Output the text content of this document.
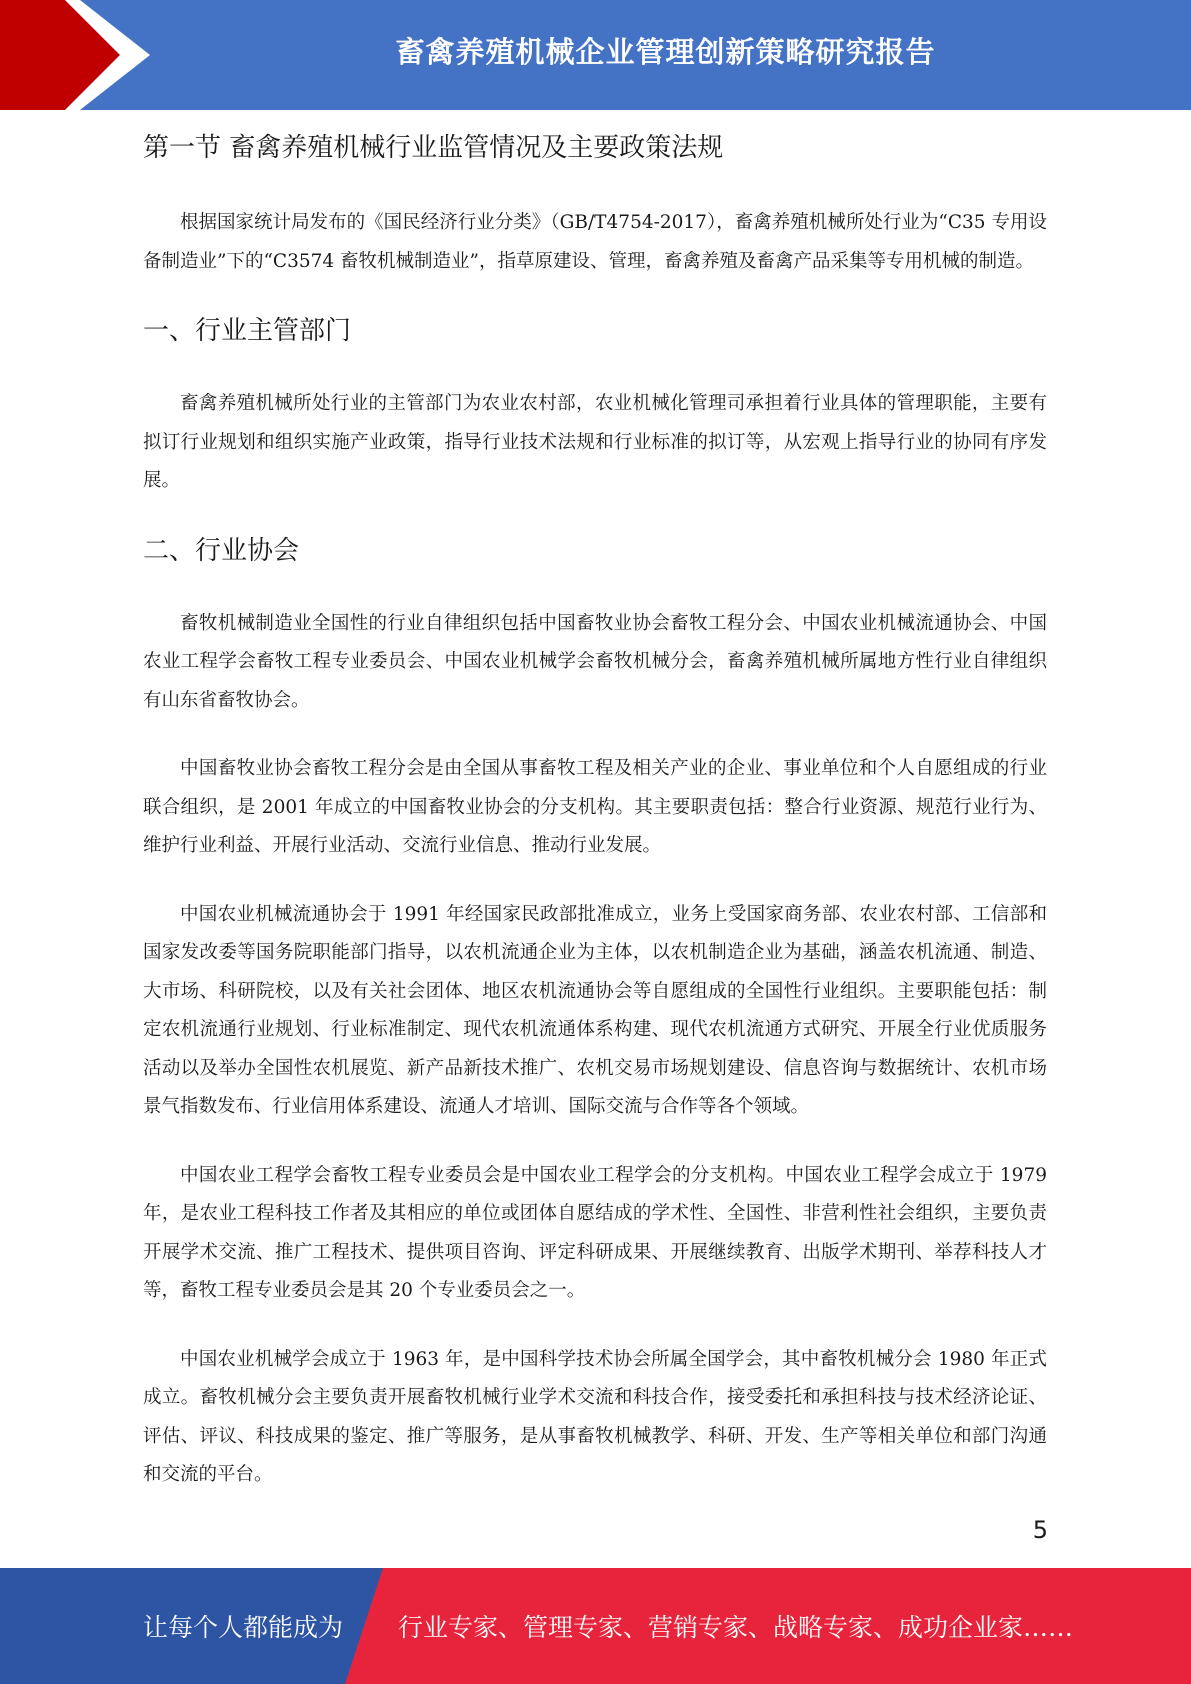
畜禽养殖机械企业管理创新策略研究报告
第一节 畜禽养殖机械行业监管情况及主要政策法规

根据国家统计局发布的《国民经济行业分类》（GB/T4754-2017），畜禽养殖机械所处行业为“C35 专用设备制造业”下的“C3574 畜牧机械制造业”，指草原建设、管理，畜禽养殖及畜禽产品采集等专用机械的制造。

一、行业主管部门

畜禽养殖机械所处行业的主管部门为农业农村部，农业机械化管理司承担着行业具体的管理职能，主要有拟订行业规划和组织实施产业政策，指导行业技术法规和行业标准的拟订等，从宏观上指导行业的协同有序发展。

二、行业协会

畜牧机械制造业全国性的行业自律组织包括中国畜牧业协会畜牧工程分会、中国农业机械流通协会、中国农业工程学会畜牧工程专业委员会、中国农业机械学会畜牧机械分会，畜禽养殖机械所属地方性行业自律组织有山东省畜牧协会。

中国畜牧业协会畜牧工程分会是由全国从事畜牧工程及相关产业的企业、事业单位和个人自愿组成的行业联合组织，是 2001 年成立的中国畜牧业协会的分支机构。其主要职责包括：整合行业资源、规范行业行为、维护行业利益、开展行业活动、交流行业信息、推动行业发展。

中国农业机械流通协会于 1991 年经国家民政部批准成立，业务上受国家商务部、农业农村部、工信部和国家发改委等国务院职能部门指导，以农机流通企业为主体，以农机制造企业为基础，涵盖农机流通、制造、大市场、科研院校，以及有关社会团体、地区农机流通协会等自愿组成的全国性行业组织。主要职能包括：制定农机流通行业规划、行业标准制定、现代农机流通体系构建、现代农机流通方式研究、开展全行业优质服务活动以及举办全国性农机展览、新产品新技术推广、农机交易市场规划建设、信息咨询与数据统计、农机市场景气指数发布、行业信用体系建设、流通人才培训、国际交流与合作等各个领域。

中国农业工程学会畜牧工程专业委员会是中国农业工程学会的分支机构。中国农业工程学会成立于 1979 年，是农业工程科技工作者及其相应的单位或团体自愿结成的学术性、全国性、非营利性社会组织，主要负责开展学术交流、推广工程技术、提供项目咨询、评定科研成果、开展继续教育、出版学术期刊、举荐科技人才等，畜牧工程专业委员会是其 20 个专业委员会之一。

中国农业机械学会成立于 1963 年，是中国科学技术协会所属全国学会，其中畜牧机械分会 1980 年正式成立。畜牧机械分会主要负责开展畜牧机械行业学术交流和科技合作，接受委托和承担科技与技术经济论证、评估、评议、科技成果的鉴定、推广等服务，是从事畜牧机械教学、科研、开发、生产等相关单位和部门沟通和交流的平台。

5
让每个人都能成为 行业专家、管理专家、营销专家、战略专家、成功企业家……
